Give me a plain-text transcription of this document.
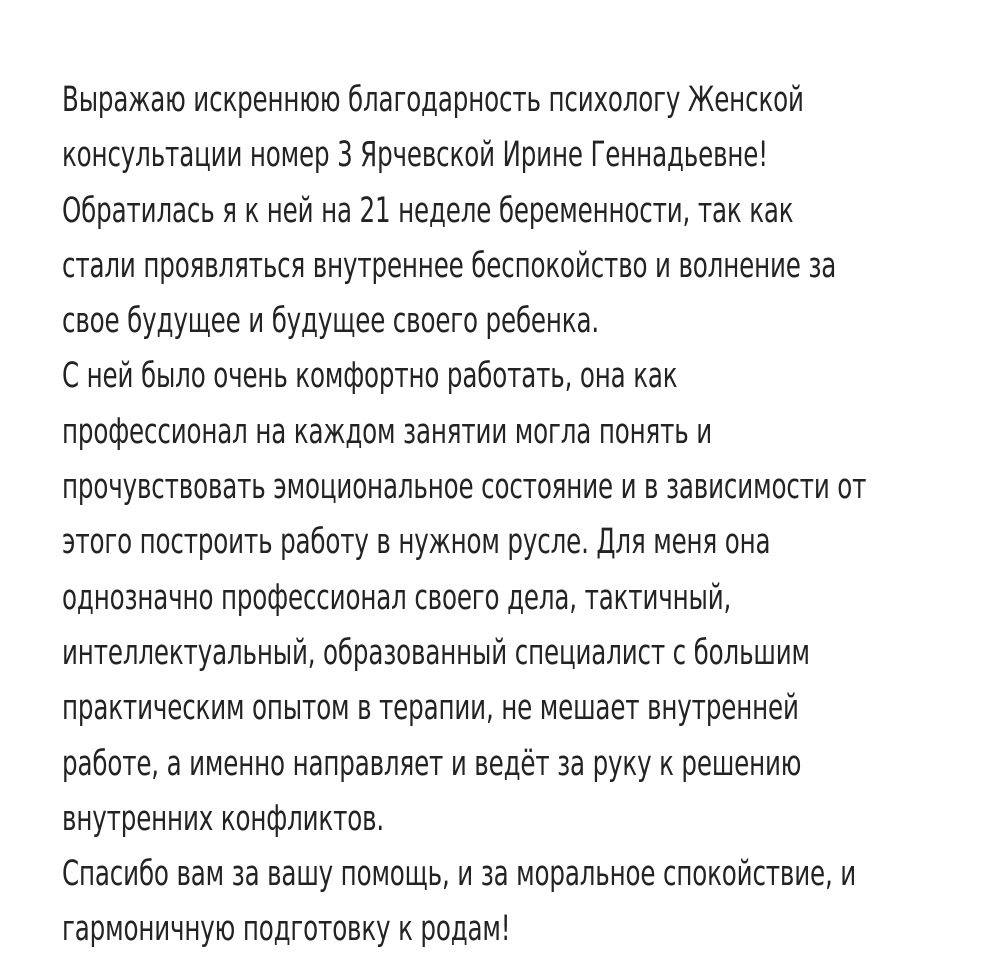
Выражаю искреннюю благодарность психологу Женской
консультации номер 3 Ярчевской Ирине Геннадьевне!
Обратилась я к ней на 21 неделе беременности, так как
стали проявляться внутреннее беспокойство и волнение за
свое будущее и будущее своего ребенка.
С ней было очень комфортно работать, она как
профессионал на каждом занятии могла понять и
прочувствовать эмоциональное состояние и в зависимости от
этого построить работу в нужном русле. Для меня она
однозначно профессионал своего дела, тактичный,
интеллектуальный, образованный специалист с большим
практическим опытом в терапии, не мешает внутренней
работе, а именно направляет и ведёт за руку к решению
внутренних конфликтов.
Спасибо вам за вашу помощь, и за моральное спокойствие, и
гармоничную подготовку к родам!
